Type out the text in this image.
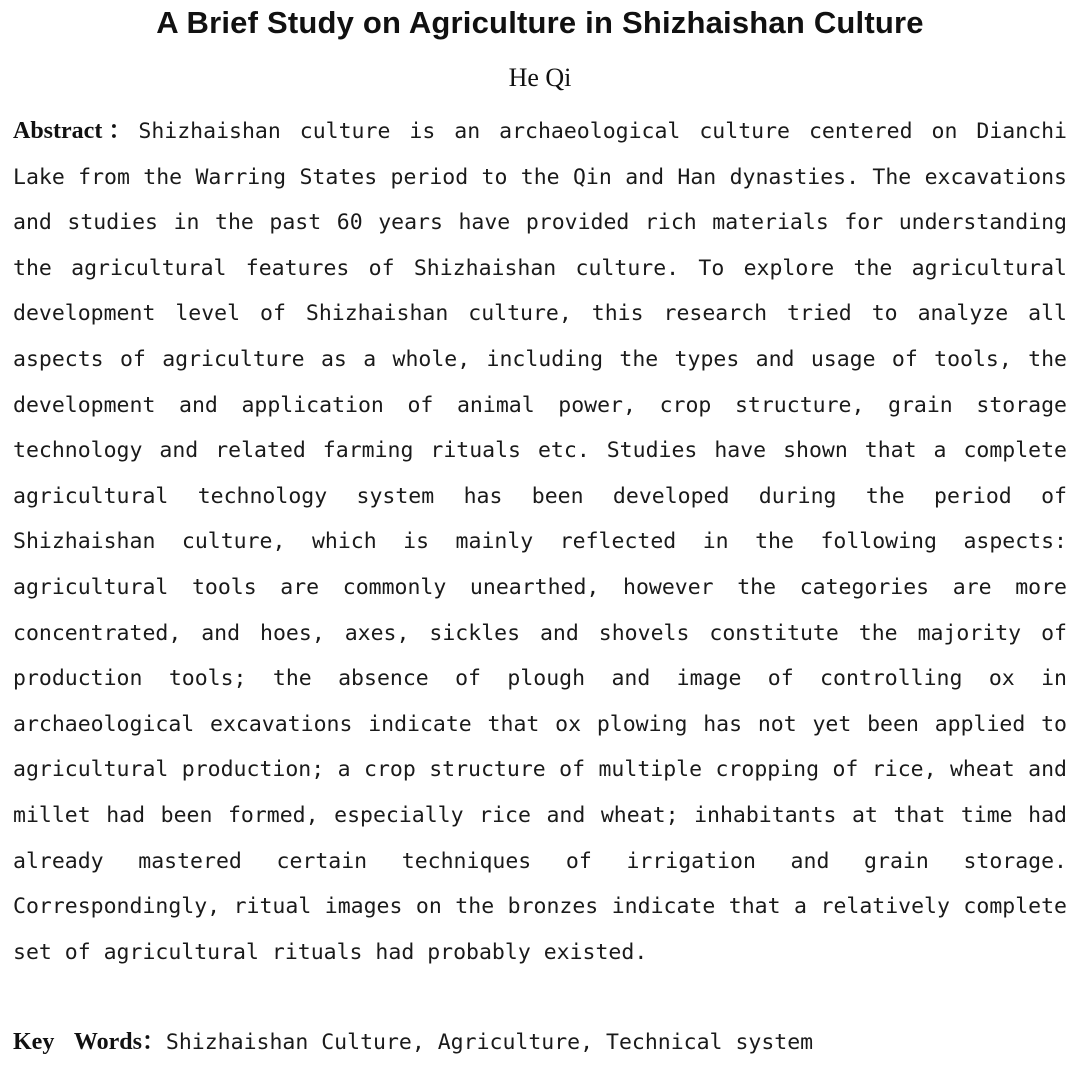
A Brief Study on Agriculture in Shizhaishan Culture
He Qi

Abstract：Shizhaishan culture is an archaeological culture centered on Dianchi Lake from the Warring States period to the Qin and Han dynasties. The excavations and studies in the past 60 years have provided rich materials for understanding the agricultural features of Shizhaishan culture. To explore the agricultural development level of Shizhaishan culture, this research tried to analyze all aspects of agriculture as a whole, including the types and usage of tools, the development and application of animal power, crop structure, grain storage technology and related farming rituals etc. Studies have shown that a complete agricultural technology system has been developed during the period of Shizhaishan culture, which is mainly reflected in the following aspects: agricultural tools are commonly unearthed, however the categories are more concentrated, and hoes, axes, sickles and shovels constitute the majority of production tools; the absence of plough and image of controlling ox in archaeological excavations indicate that ox plowing has not yet been applied to agricultural production; a crop structure of multiple cropping of rice, wheat and millet had been formed, especially rice and wheat; inhabitants at that time had already mastered certain techniques of irrigation and grain storage. Correspondingly, ritual images on the bronzes indicate that a relatively complete set of agricultural rituals had probably existed.

Key Words：Shizhaishan Culture, Agriculture, Technical system
